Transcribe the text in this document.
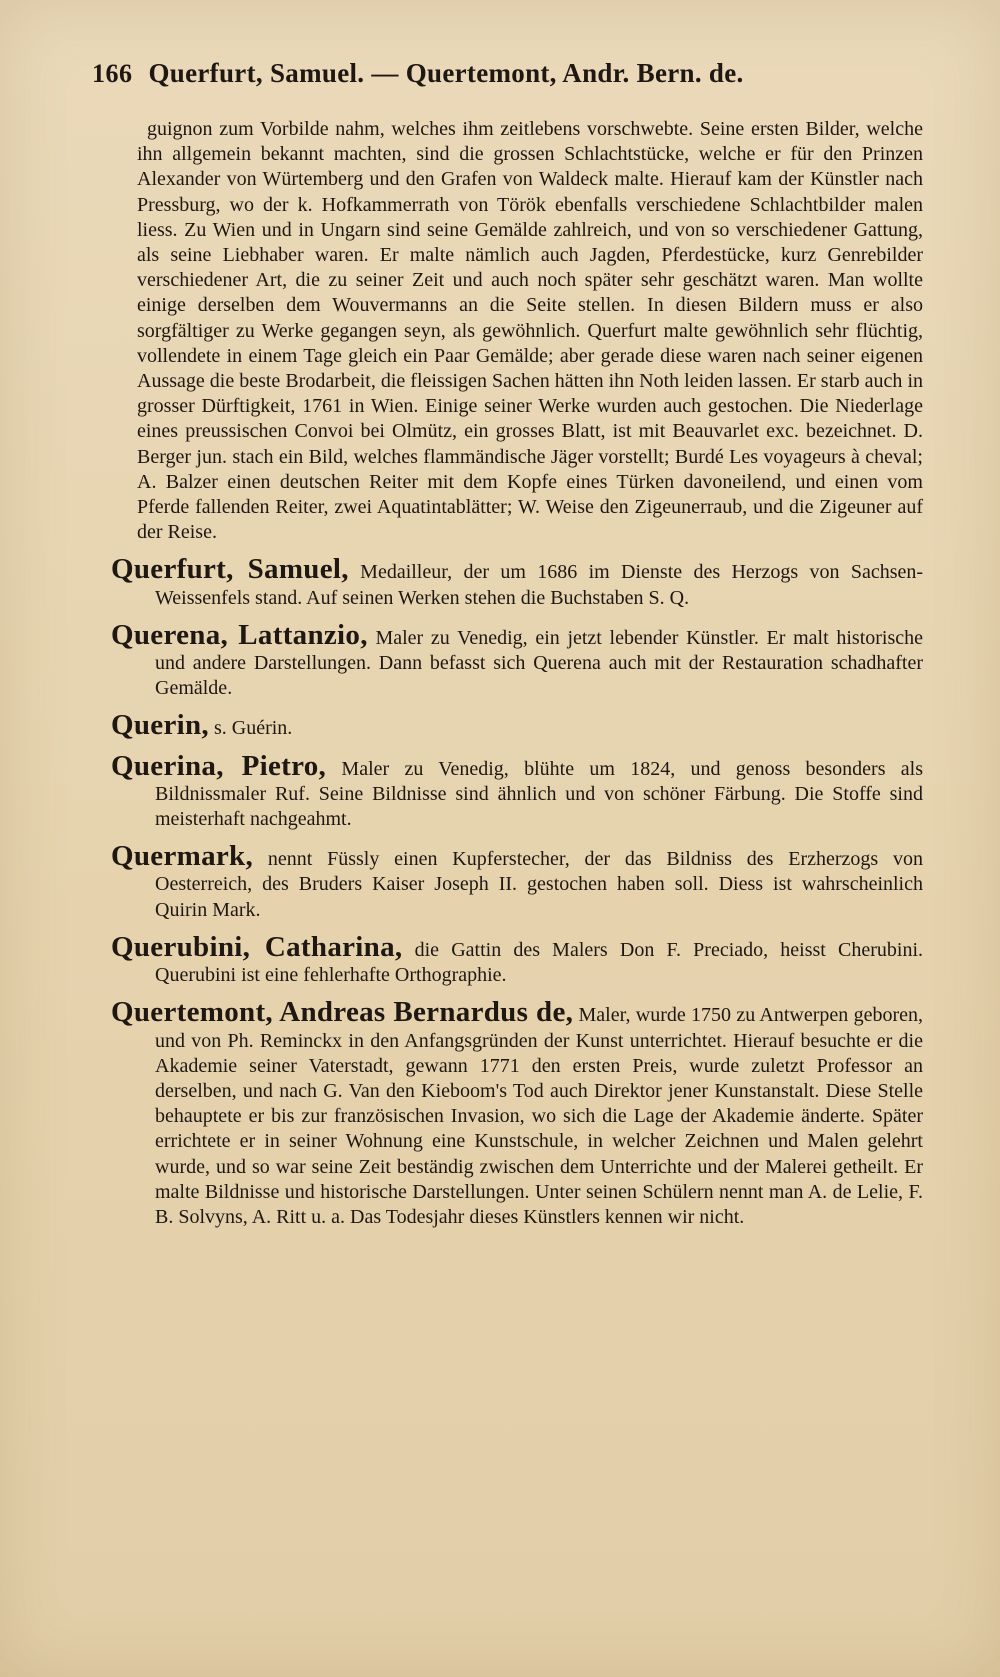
166 Querfurt, Samuel. — Quertemont, Andr. Bern. de.

guignon zum Vorbilde nahm, welches ihm zeitlebens vorschwebte. Seine ersten Bilder, welche ihn allgemein bekannt machten, sind die grossen Schlachtstücke, welche er für den Prinzen Alexander von Würtemberg und den Grafen von Waldeck malte. Hierauf kam der Künstler nach Pressburg, wo der k. Hofkammerrath von Török ebenfalls verschiedene Schlachtbilder malen liess. Zu Wien und in Ungarn sind seine Gemälde zahlreich, und von so verschiedener Gattung, als seine Liebhaber waren. Er malte nämlich auch Jagden, Pferdestücke, kurz Genrebilder verschiedener Art, die zu seiner Zeit und auch noch später sehr geschätzt waren. Man wollte einige derselben dem Wouvermanns an die Seite stellen. In diesen Bildern muss er also sorgfältiger zu Werke gegangen seyn, als gewöhnlich. Querfurt malte gewöhnlich sehr flüchtig, vollendete in einem Tage gleich ein Paar Gemälde; aber gerade diese waren nach seiner eigenen Aussage die beste Brodarbeit, die fleissigen Sachen hätten ihn Noth leiden lassen. Er starb auch in grosser Dürftigkeit, 1761 in Wien. Einige seiner Werke wurden auch gestochen. Die Niederlage eines preussischen Convoi bei Olmütz, ein grosses Blatt, ist mit Beauvarlet exc. bezeichnet. D. Berger jun. stach ein Bild, welches flammändische Jäger vorstellt; Burdé Les voyageurs à cheval; A. Balzer einen deutschen Reiter mit dem Kopfe eines Türken davoneilend, und einen vom Pferde fallenden Reiter, zwei Aquatintablätter; W. Weise den Zigeunerraub, und die Zigeuner auf der Reise.

Querfurt, Samuel, Medailleur, der um 1686 im Dienste des Herzogs von Sachsen-Weissenfels stand. Auf seinen Werken stehen die Buchstaben S. Q.

Querena, Lattanzio, Maler zu Venedig, ein jetzt lebender Künstler. Er malt historische und andere Darstellungen. Dann befasst sich Querena auch mit der Restauration schadhafter Gemälde.

Querin, s. Guérin.

Querina, Pietro, Maler zu Venedig, blühte um 1824, und genoss besonders als Bildnissmaler Ruf. Seine Bildnisse sind ähnlich und von schöner Färbung. Die Stoffe sind meisterhaft nachgeahmt.

Quermark, nennt Füssly einen Kupferstecher, der das Bildniss des Erzherzogs von Oesterreich, des Bruders Kaiser Joseph II. gestochen haben soll. Diess ist wahrscheinlich Quirin Mark.

Querubini, Catharina, die Gattin des Malers Don F. Preciado, heisst Cherubini. Querubini ist eine fehlerhafte Orthographie.

Quertemont, Andreas Bernardus de, Maler, wurde 1750 zu Antwerpen geboren, und von Ph. Reminckx in den Anfangsgründen der Kunst unterrichtet. Hierauf besuchte er die Akademie seiner Vaterstadt, gewann 1771 den ersten Preis, wurde zuletzt Professor an derselben, und nach G. Van den Kieboom's Tod auch Direktor jener Kunstanstalt. Diese Stelle behauptete er bis zur französischen Invasion, wo sich die Lage der Akademie änderte. Später errichtete er in seiner Wohnung eine Kunstschule, in welcher Zeichnen und Malen gelehrt wurde, und so war seine Zeit beständig zwischen dem Unterrichte und der Malerei getheilt. Er malte Bildnisse und historische Darstellungen. Unter seinen Schülern nennt man A. de Lelie, F. B. Solvyns, A. Ritt u. a. Das Todesjahr dieses Künstlers kennen wir nicht.
